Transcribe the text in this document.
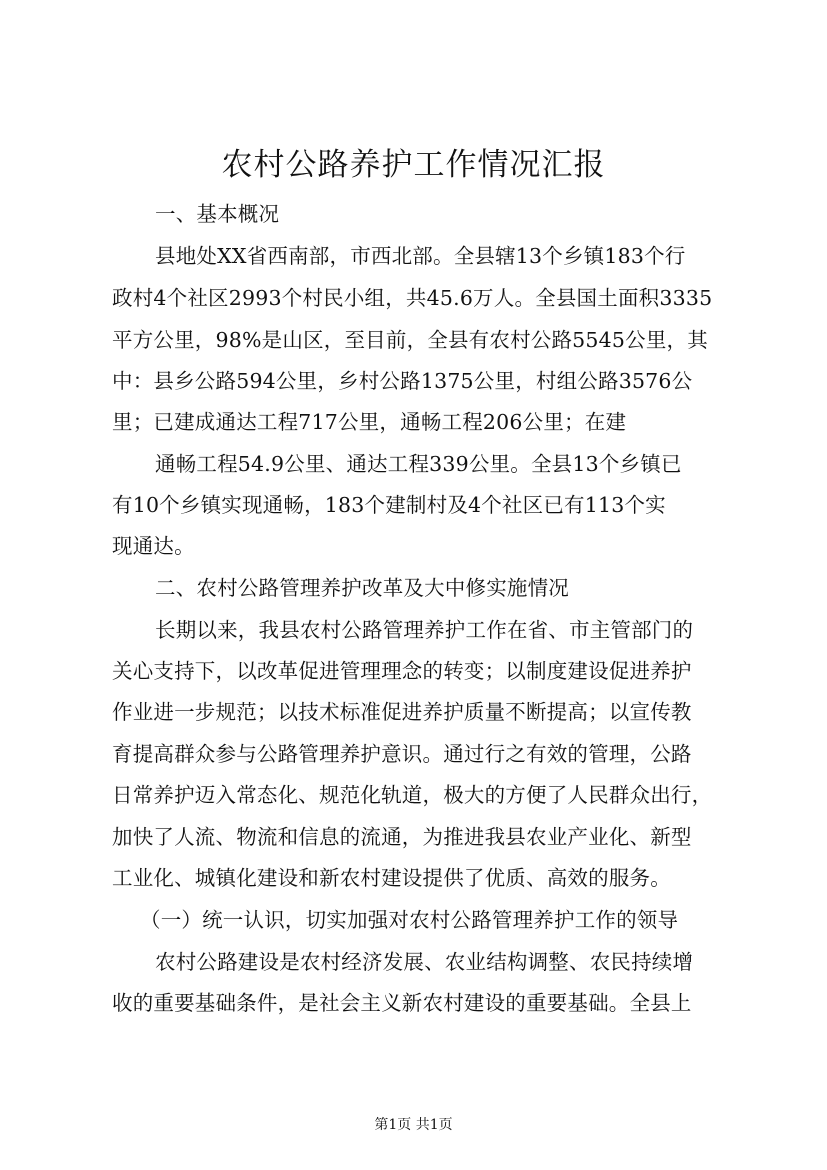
农村公路养护工作情况汇报
一、基本概况
县地处XX省西南部，市西北部。全县辖13个乡镇183个行
政村4个社区2993个村民小组，共45.6万人。全县国土面积3335
平方公里，98%是山区，至目前，全县有农村公路5545公里，其
中：县乡公路594公里，乡村公路1375公里，村组公路3576公
里；已建成通达工程717公里，通畅工程206公里；在建
通畅工程54.9公里、通达工程339公里。全县13个乡镇已
有10个乡镇实现通畅，183个建制村及4个社区已有113个实
现通达。
二、农村公路管理养护改革及大中修实施情况
长期以来，我县农村公路管理养护工作在省、市主管部门的
关心支持下，以改革促进管理理念的转变；以制度建设促进养护
作业进一步规范；以技术标准促进养护质量不断提高；以宣传教
育提高群众参与公路管理养护意识。通过行之有效的管理，公路
日常养护迈入常态化、规范化轨道，极大的方便了人民群众出行，
加快了人流、物流和信息的流通，为推进我县农业产业化、新型
工业化、城镇化建设和新农村建设提供了优质、高效的服务。
（一）统一认识，切实加强对农村公路管理养护工作的领导
农村公路建设是农村经济发展、农业结构调整、农民持续增
收的重要基础条件，是社会主义新农村建设的重要基础。全县上
第1页 共1页
